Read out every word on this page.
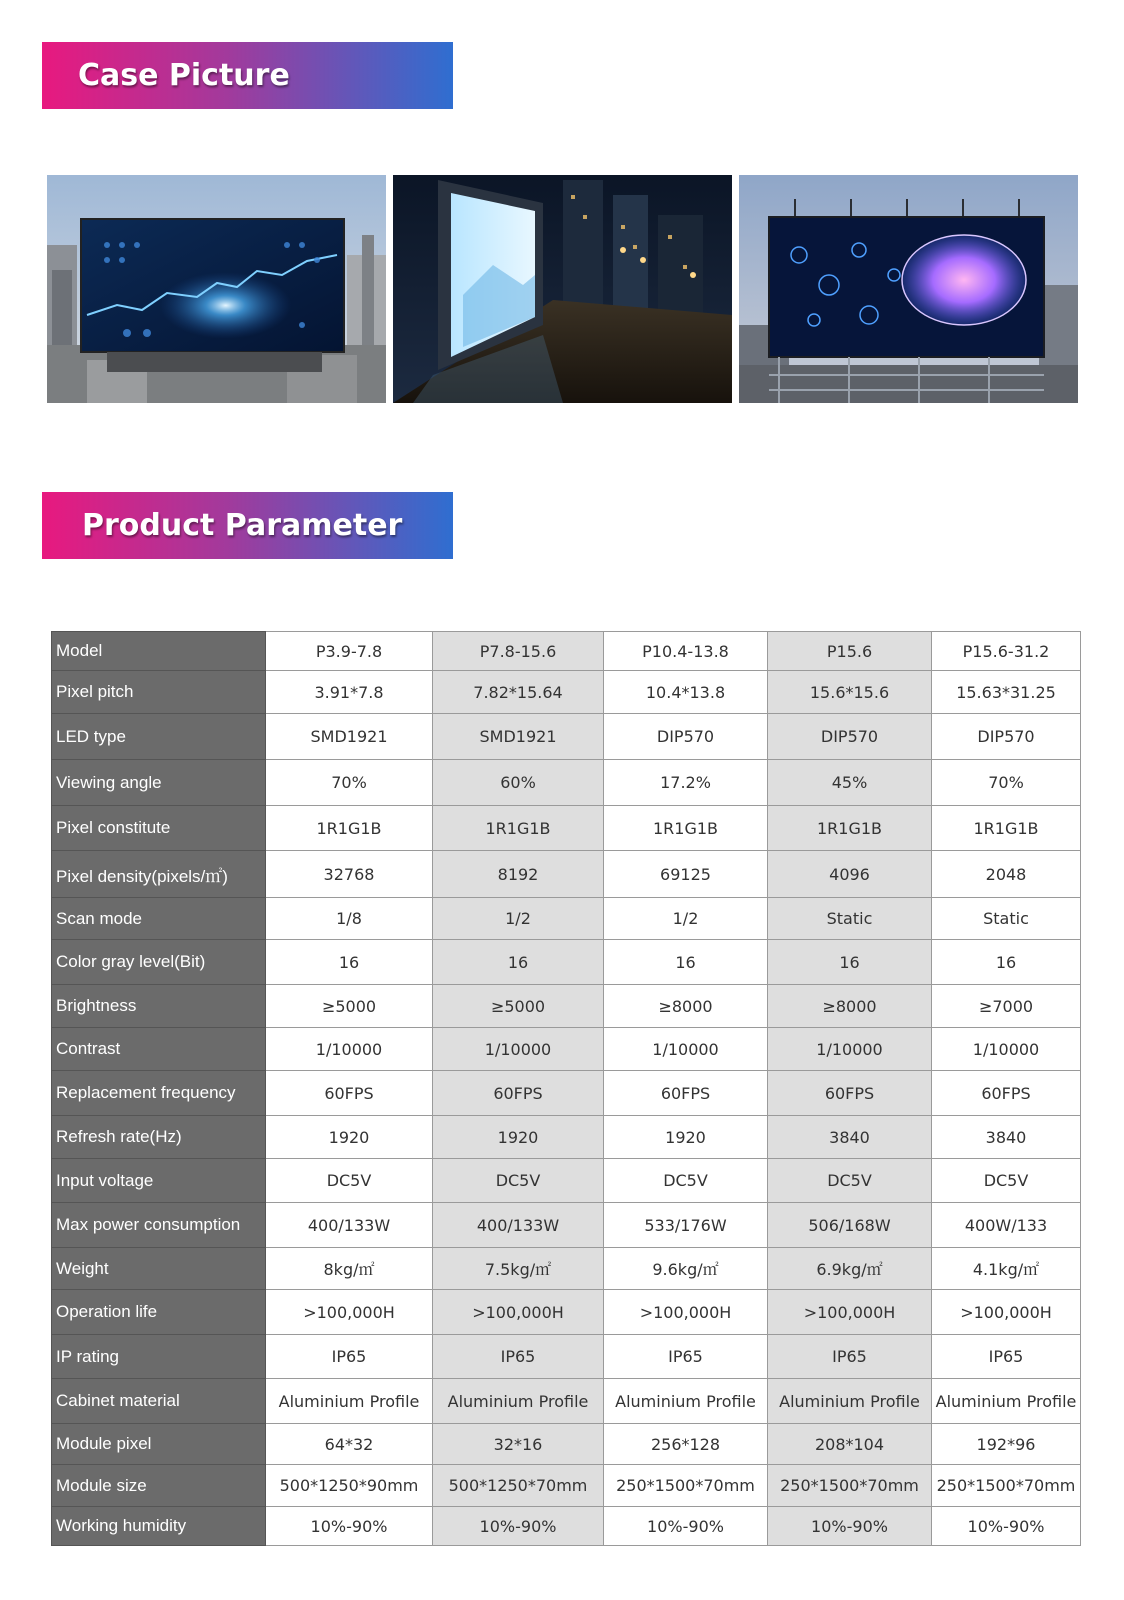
Case Picture
Product Parameter
Model	P3.9-7.8	P7.8-15.6	P10.4-13.8	P15.6	P15.6-31.2
Pixel pitch	3.91*7.8	7.82*15.64	10.4*13.8	15.6*15.6	15.63*31.25
LED type	SMD1921	SMD1921	DIP570	DIP570	DIP570
Viewing angle	70%	60%	17.2%	45%	70%
Pixel constitute	1R1G1B	1R1G1B	1R1G1B	1R1G1B	1R1G1B
Pixel density(pixels/㎡)	32768	8192	69125	4096	2048
Scan mode	1/8	1/2	1/2	Static	Static
Color gray level(Bit)	16	16	16	16	16
Brightness	≥5000	≥5000	≥8000	≥8000	≥7000
Contrast	1/10000	1/10000	1/10000	1/10000	1/10000
Replacement frequency	60FPS	60FPS	60FPS	60FPS	60FPS
Refresh rate(Hz)	1920	1920	1920	3840	3840
Input voltage	DC5V	DC5V	DC5V	DC5V	DC5V
Max power consumption	400/133W	400/133W	533/176W	506/168W	400W/133
Weight	8kg/㎡	7.5kg/㎡	9.6kg/㎡	6.9kg/㎡	4.1kg/㎡
Operation life	>100,000H	>100,000H	>100,000H	>100,000H	>100,000H
IP rating	IP65	IP65	IP65	IP65	IP65
Cabinet material	Aluminium Profile	Aluminium Profile	Aluminium Profile	Aluminium Profile	Aluminium Profile
Module pixel	64*32	32*16	256*128	208*104	192*96
Module size	500*1250*90mm	500*1250*70mm	250*1500*70mm	250*1500*70mm	250*1500*70mm
Working humidity	10%-90%	10%-90%	10%-90%	10%-90%	10%-90%
